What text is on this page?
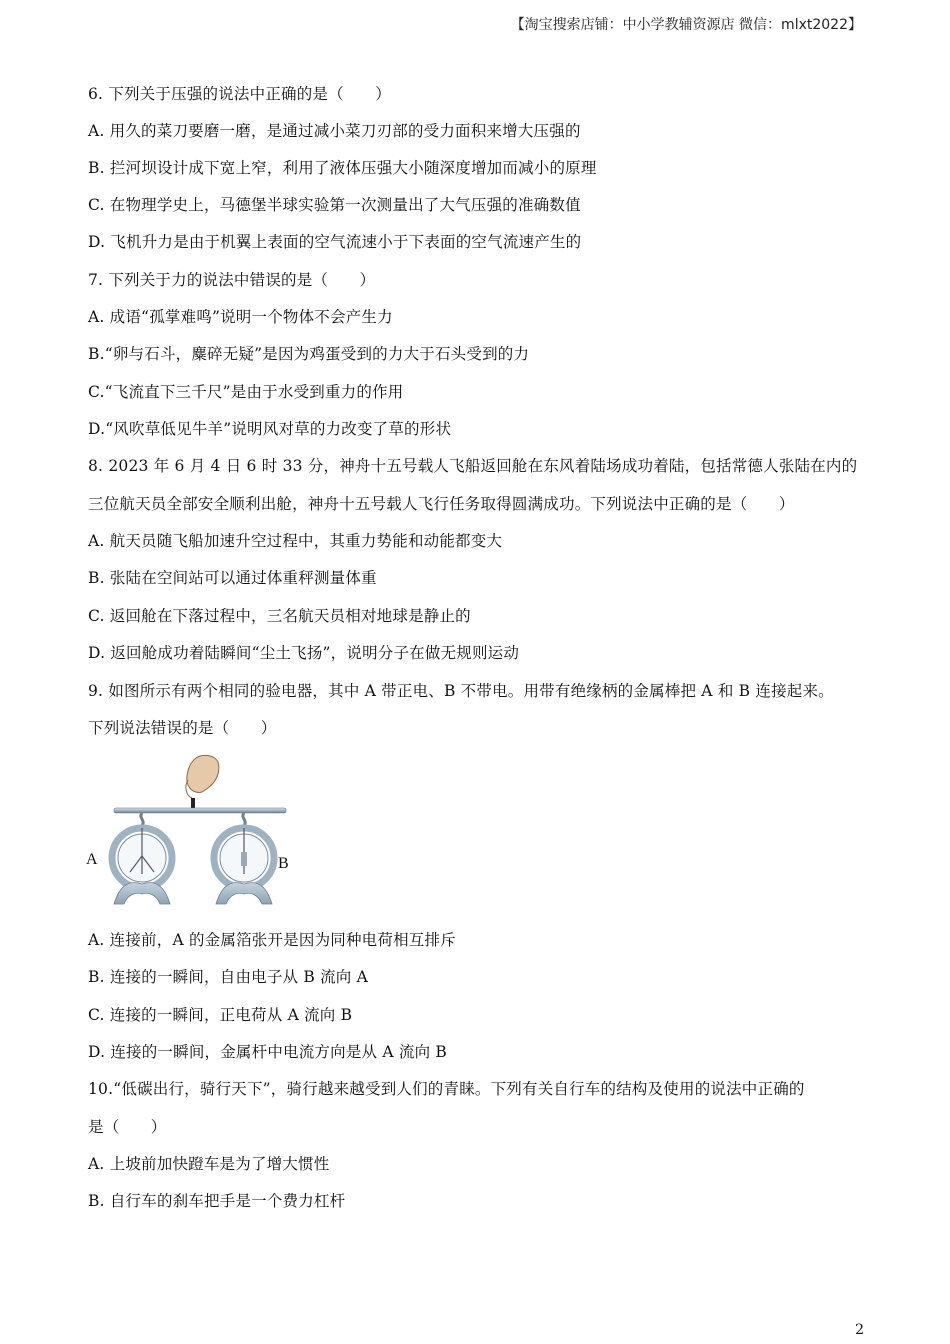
【淘宝搜索店铺：中小学教辅资源店 微信：mlxt2022】
6. 下列关于压强的说法中正确的是（　　）
A. 用久的菜刀要磨一磨，是通过减小菜刀刃部的受力面积来增大压强的
B. 拦河坝设计成下宽上窄，利用了液体压强大小随深度增加而减小的原理
C. 在物理学史上，马德堡半球实验第一次测量出了大气压强的准确数值
D. 飞机升力是由于机翼上表面的空气流速小于下表面的空气流速产生的
7. 下列关于力的说法中错误的是（　　）
A. 成语“孤掌难鸣”说明一个物体不会产生力
B.“卵与石斗，麋碎无疑”是因为鸡蛋受到的力大于石头受到的力
C.“飞流直下三千尺”是由于水受到重力的作用
D.“风吹草低见牛羊”说明风对草的力改变了草的形状
8. 2023 年 6 月 4 日 6 时 33 分，神舟十五号载人飞船返回舱在东风着陆场成功着陆，包括常德人张陆在内的
三位航天员全部安全顺利出舱，神舟十五号载人飞行任务取得圆满成功。下列说法中正确的是（　　）
A. 航天员随飞船加速升空过程中，其重力势能和动能都变大
B. 张陆在空间站可以通过体重秤测量体重
C. 返回舱在下落过程中，三名航天员相对地球是静止的
D. 返回舱成功着陆瞬间“尘土飞扬”，说明分子在做无规则运动
9. 如图所示有两个相同的验电器，其中 A 带正电、B 不带电。用带有绝缘柄的金属棒把 A 和 B 连接起来。
下列说法错误的是（　　）
A	B
A. 连接前，A 的金属箔张开是因为同种电荷相互排斥
B. 连接的一瞬间，自由电子从 B 流向 A
C. 连接的一瞬间，正电荷从 A 流向 B
D. 连接的一瞬间，金属杆中电流方向是从 A 流向 B
10.“低碳出行，骑行天下”，骑行越来越受到人们的青睐。下列有关自行车的结构及使用的说法中正确的
是（　　）
A. 上坡前加快蹬车是为了增大惯性
B. 自行车的刹车把手是一个费力杠杆
2
